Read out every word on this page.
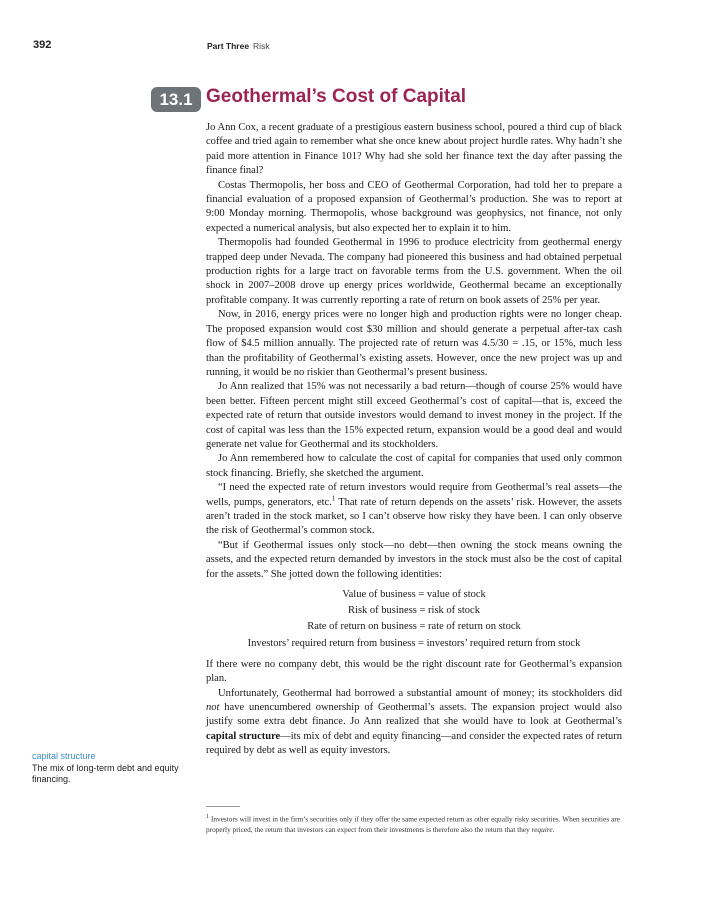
392	Part Three Risk
13.1 Geothermal’s Cost of Capital

Jo Ann Cox, a recent graduate of a prestigious eastern business school, poured a third cup of black coffee and tried again to remember what she once knew about project hurdle rates. Why hadn’t she paid more attention in Finance 101? Why had she sold her finance text the day after passing the finance final?

Costas Thermopolis, her boss and CEO of Geothermal Corporation, had told her to prepare a financial evaluation of a proposed expansion of Geothermal’s production. She was to report at 9:00 Monday morning. Thermopolis, whose background was geophysics, not finance, not only expected a numerical analysis, but also expected her to explain it to him.

Thermopolis had founded Geothermal in 1996 to produce electricity from geothermal energy trapped deep under Nevada. The company had pioneered this business and had obtained perpetual production rights for a large tract on favorable terms from the U.S. government. When the oil shock in 2007–2008 drove up energy prices worldwide, Geothermal became an exceptionally profitable company. It was currently reporting a rate of return on book assets of 25% per year.

Now, in 2016, energy prices were no longer high and production rights were no longer cheap. The proposed expansion would cost $30 million and should generate a perpetual after-tax cash flow of $4.5 million annually. The projected rate of return was 4.5/30 = .15, or 15%, much less than the profitability of Geothermal’s existing assets. However, once the new project was up and running, it would be no riskier than Geothermal’s present business.

Jo Ann realized that 15% was not necessarily a bad return—though of course 25% would have been better. Fifteen percent might still exceed Geothermal’s cost of capital—that is, exceed the expected rate of return that outside investors would demand to invest money in the project. If the cost of capital was less than the 15% expected return, expansion would be a good deal and would generate net value for Geothermal and its stockholders.

Jo Ann remembered how to calculate the cost of capital for companies that used only common stock financing. Briefly, she sketched the argument.

“I need the expected rate of return investors would require from Geothermal’s real assets—the wells, pumps, generators, etc.$^1$ That rate of return depends on the assets’ risk. However, the assets aren’t traded in the stock market, so I can’t observe how risky they have been. I can only observe the risk of Geothermal’s common stock.

“But if Geothermal issues only stock—no debt—then owning the stock means owning the assets, and the expected return demanded by investors in the stock must also be the cost of capital for the assets.” She jotted down the following identities:

Value of business = value of stock
Risk of business = risk of stock
Rate of return on business = rate of return on stock
Investors’ required return from business = investors’ required return from stock

If there were no company debt, this would be the right discount rate for Geothermal’s expansion plan.

Unfortunately, Geothermal had borrowed a substantial amount of money; its stockholders did not have unencumbered ownership of Geothermal’s assets. The expansion project would also justify some extra debt finance. Jo Ann realized that she would have to look at Geothermal’s capital structure—its mix of debt and equity financing—and consider the expected rates of return required by debt as well as equity investors.

capital structure
The mix of long-term debt and equity financing.
$^1$ Investors will invest in the firm’s securities only if they offer the same expected return as other equally risky securities. When securities are properly priced, the return that investors can expect from their investments is therefore also the return that they require.
